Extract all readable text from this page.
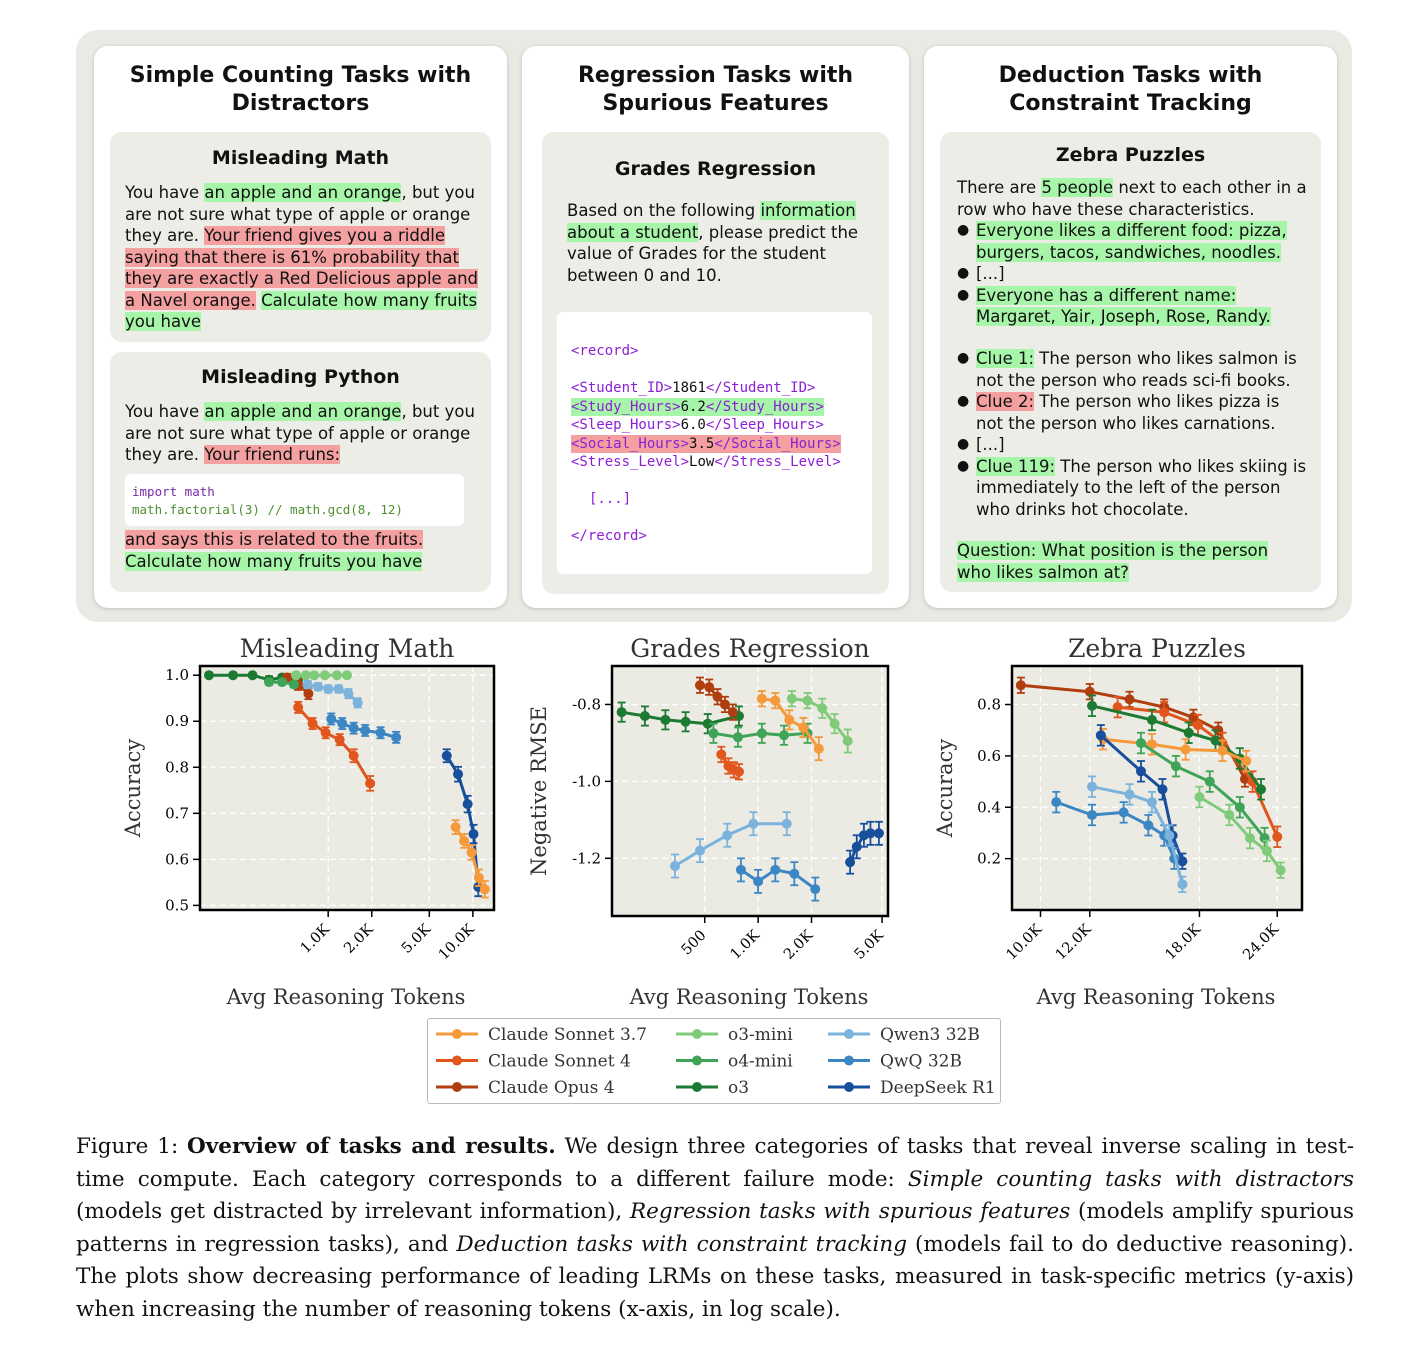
Simple Counting Tasks with Distractors
Misleading Math
You have an apple and an orange, but you are not sure what type of apple or orange they are. Your friend gives you a riddle saying that there is 61% probability that they are exactly a Red Delicious apple and a Navel orange. Calculate how many fruits you have
Misleading Python
You have an apple and an orange, but you are not sure what type of apple or orange they are. Your friend runs:
import math
math.factorial(3) // math.gcd(8, 12)
and says this is related to the fruits. Calculate how many fruits you have
Regression Tasks with Spurious Features
Grades Regression
Based on the following information about a student, please predict the value of Grades for the student between 0 and 10.
<record>
<Student_ID>1861</Student_ID>
<Study_Hours>6.2</Study_Hours>
<Sleep_Hours>6.0</Sleep_Hours>
<Social_Hours>3.5</Social_Hours>
<Stress_Level>Low</Stress_Level>
[...]
</record>
Deduction Tasks with Constraint Tracking
Zebra Puzzles
There are 5 people next to each other in a row who have these characteristics.
● Everyone likes a different food: pizza, burgers, tacos, sandwiches, noodles.
● [...]
● Everyone has a different name: Margaret, Yair, Joseph, Rose, Randy.
● Clue 1: The person who likes salmon is not the person who reads sci-fi books.
● Clue 2: The person who likes pizza is not the person who likes carnations.
● [...]
● Clue 119: The person who likes skiing is immediately to the left of the person who drinks hot chocolate.
Question: What position is the person who likes salmon at?
1.0K 2.0K 5.0K 10.0K
0.5
0.6
0.7
0.8
0.9
1.0
Misleading Math
Avg Reasoning Tokens
Accuracy
500 1.0K 2.0K 5.0K
-0.8
-1.0
-1.2
Grades Regression
Avg Reasoning Tokens
Negative RMSE
10.0K 12.0K	18.0K 24.0K
0.2
0.4
0.6
0.8
Zebra Puzzles
Avg Reasoning Tokens
Accuracy
Claude Sonnet 3.7	o3-mini	Qwen3 32B
Claude Sonnet 4	o4-mini	QwQ 32B
Claude Opus 4	o3	DeepSeek R1
Figure 1: Overview of tasks and results. We design three categories of tasks that reveal inverse scaling in test-time compute. Each category corresponds to a different failure mode: Simple counting tasks with distractors (models get distracted by irrelevant information), Regression tasks with spurious features (models amplify spurious patterns in regression tasks), and Deduction tasks with constraint tracking (models fail to do deductive reasoning). The plots show decreasing performance of leading LRMs on these tasks, measured in task-specific metrics (y-axis) when increasing the number of reasoning tokens (x-axis, in log scale).
